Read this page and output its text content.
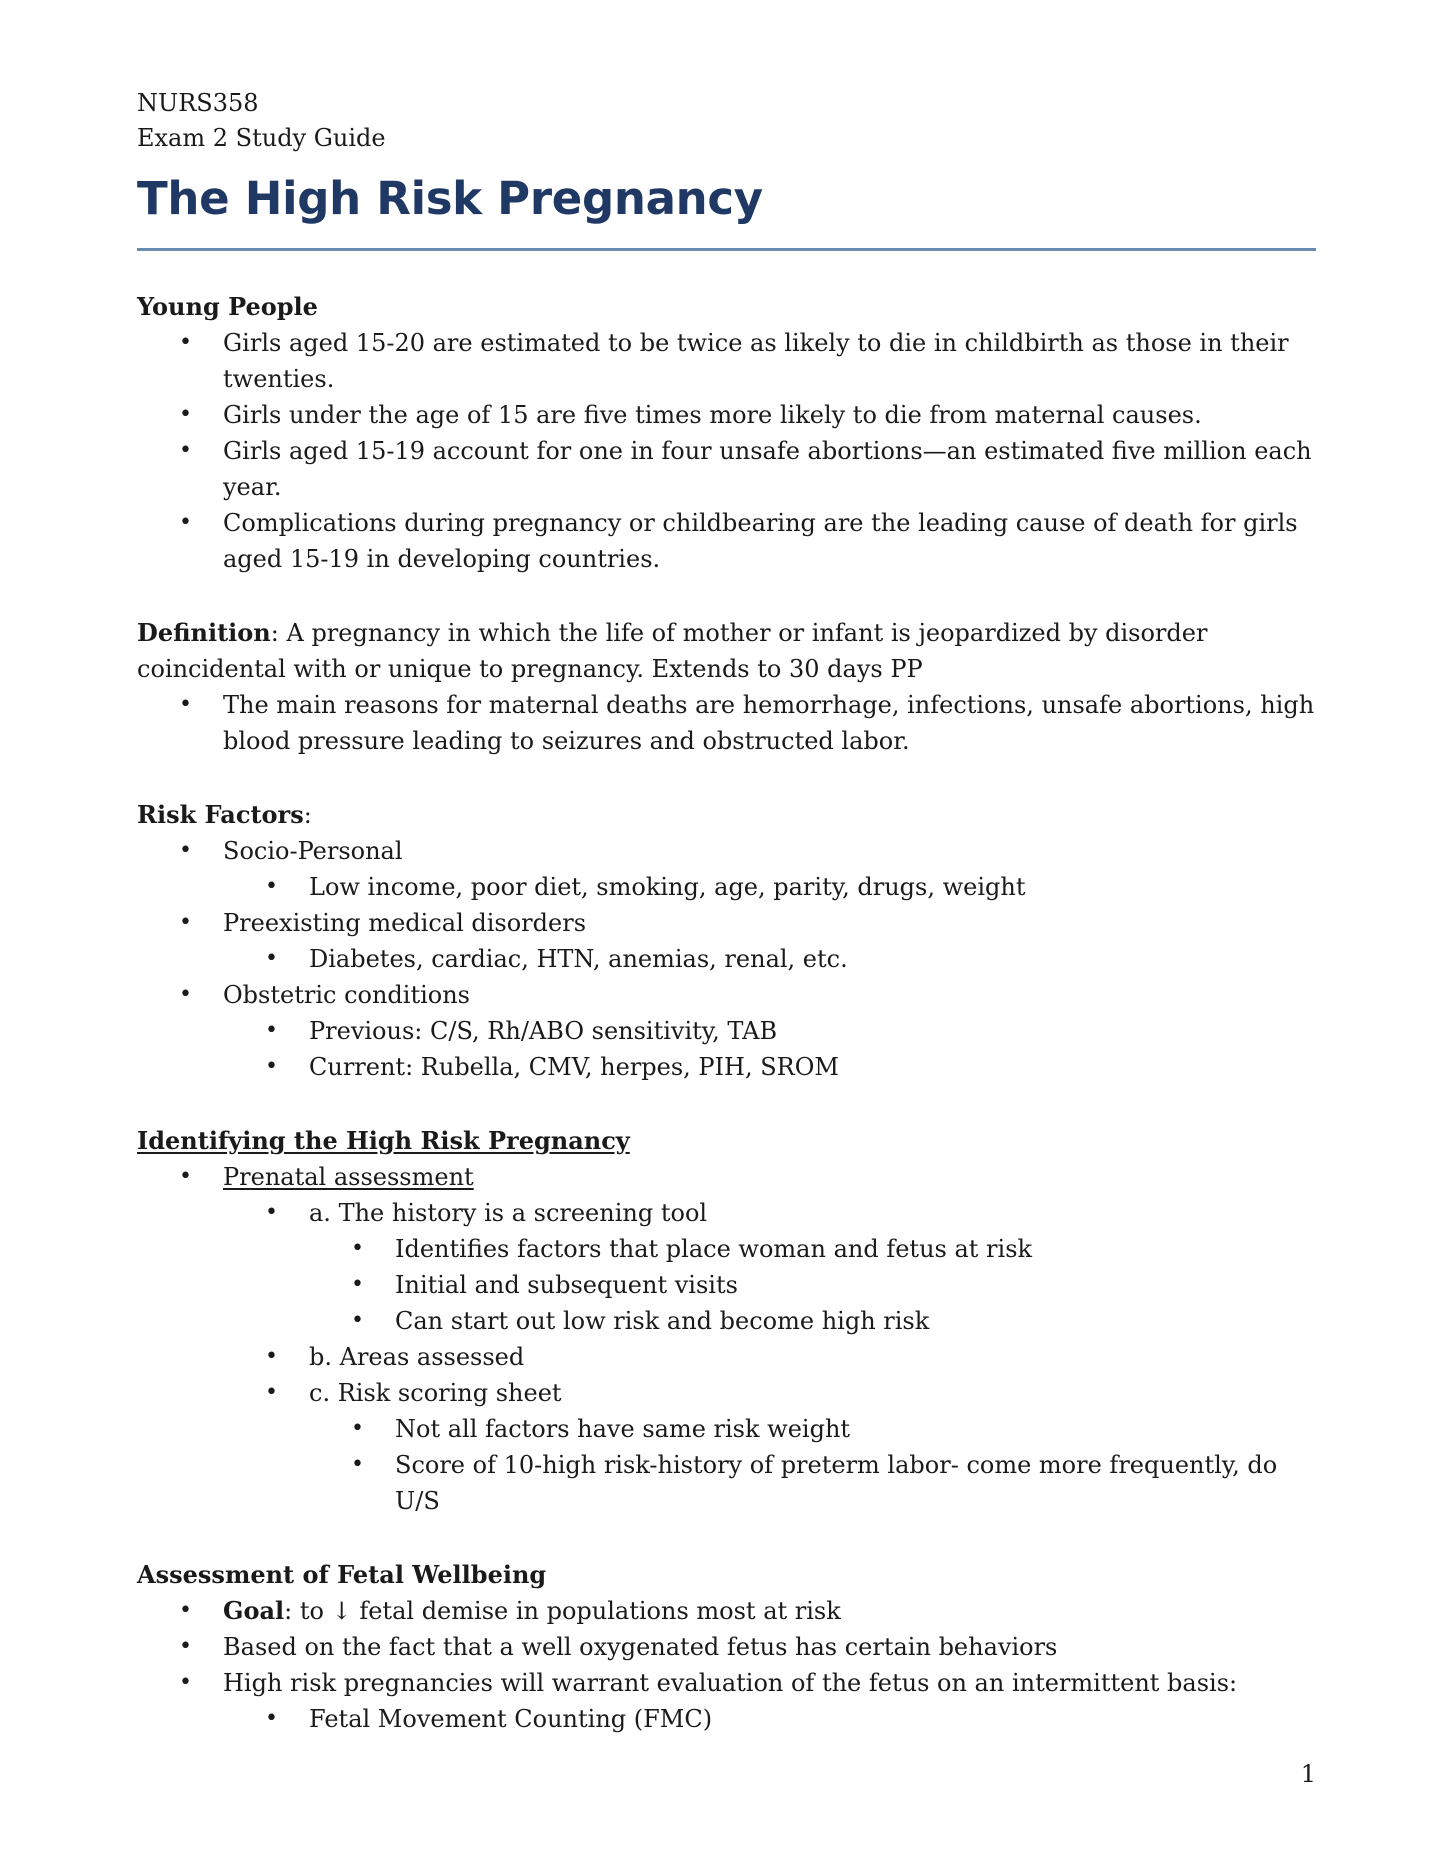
NURS358
Exam 2 Study Guide
The High Risk Pregnancy
Young People
• Girls aged 15-20 are estimated to be twice as likely to die in childbirth as those in their twenties.
• Girls under the age of 15 are five times more likely to die from maternal causes.
• Girls aged 15-19 account for one in four unsafe abortions—an estimated five million each year.
• Complications during pregnancy or childbearing are the leading cause of death for girls aged 15-19 in developing countries.
Definition: A pregnancy in which the life of mother or infant is jeopardized by disorder coincidental with or unique to pregnancy. Extends to 30 days PP
• The main reasons for maternal deaths are hemorrhage, infections, unsafe abortions, high blood pressure leading to seizures and obstructed labor.
Risk Factors:
• Socio-Personal
• Low income, poor diet, smoking, age, parity, drugs, weight
• Preexisting medical disorders
• Diabetes, cardiac, HTN, anemias, renal, etc.
• Obstetric conditions
• Previous: C/S, Rh/ABO sensitivity, TAB
• Current: Rubella, CMV, herpes, PIH, SROM
Identifying the High Risk Pregnancy
• Prenatal assessment
• a. The history is a screening tool
• Identifies factors that place woman and fetus at risk
• Initial and subsequent visits
• Can start out low risk and become high risk
• b. Areas assessed
• c. Risk scoring sheet
• Not all factors have same risk weight
• Score of 10-high risk-history of preterm labor- come more frequently, do U/S
Assessment of Fetal Wellbeing
• Goal: to ↓ fetal demise in populations most at risk
• Based on the fact that a well oxygenated fetus has certain behaviors
• High risk pregnancies will warrant evaluation of the fetus on an intermittent basis:
• Fetal Movement Counting (FMC)
1
